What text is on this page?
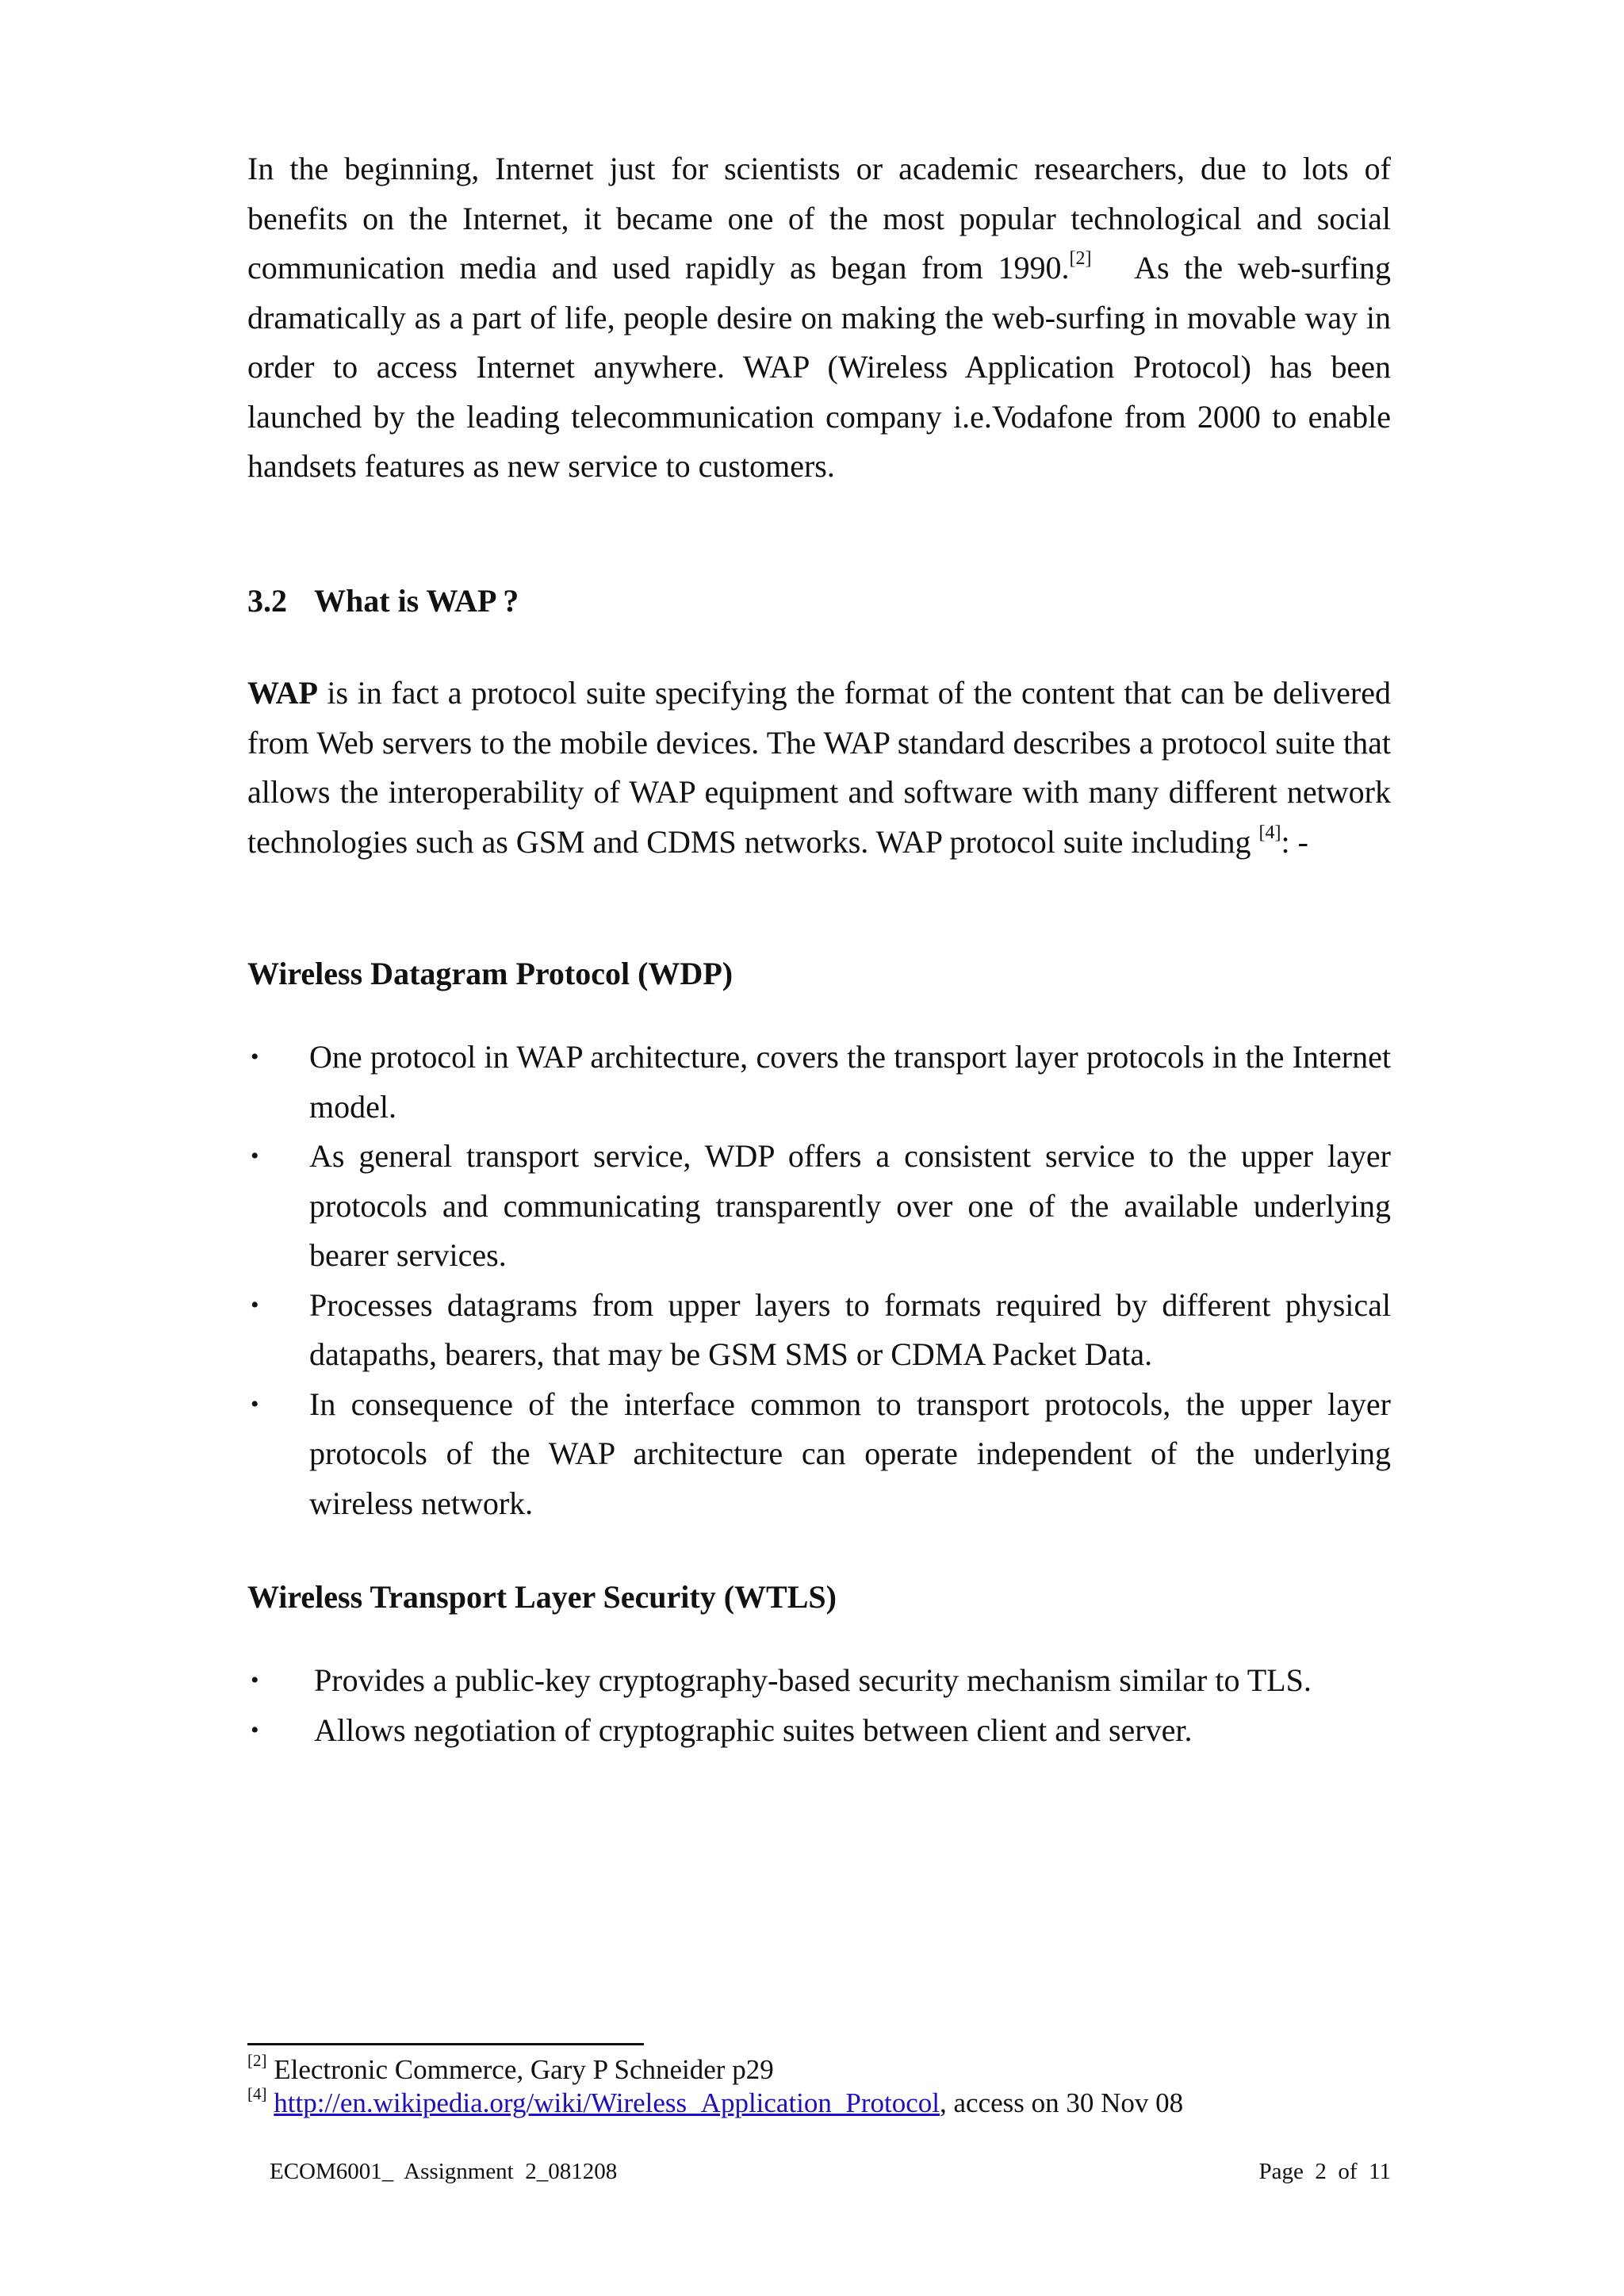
In the beginning, Internet just for scientists or academic researchers, due to lots of benefits on the Internet, it became one of the most popular technological and social communication media and used rapidly as began from 1990.[2] As the web-surfing dramatically as a part of life, people desire on making the web-surfing in movable way in order to access Internet anywhere. WAP (Wireless Application Protocol) has been launched by the leading telecommunication company i.e.Vodafone from 2000 to enable handsets features as new service to customers.

3.2 What is WAP ?

WAP is in fact a protocol suite specifying the format of the content that can be delivered from Web servers to the mobile devices. The WAP standard describes a protocol suite that allows the interoperability of WAP equipment and software with many different network technologies such as GSM and CDMS networks. WAP protocol suite including [4]: -

Wireless Datagram Protocol (WDP)
• One protocol in WAP architecture, covers the transport layer protocols in the Internet model.
• As general transport service, WDP offers a consistent service to the upper layer protocols and communicating transparently over one of the available underlying bearer services.
• Processes datagrams from upper layers to formats required by different physical datapaths, bearers, that may be GSM SMS or CDMA Packet Data.
• In consequence of the interface common to transport protocols, the upper layer protocols of the WAP architecture can operate independent of the underlying wireless network.
Wireless Transport Layer Security (WTLS)
• Provides a public-key cryptography-based security mechanism similar to TLS.
• Allows negotiation of cryptographic suites between client and server.

[2] Electronic Commerce, Gary P Schneider p29

[4] http://en.wikipedia.org/wiki/Wireless_Application_Protocol, access on 30 Nov 08

ECOM6001_  Assignment  2_081208	Page  2  of  11
